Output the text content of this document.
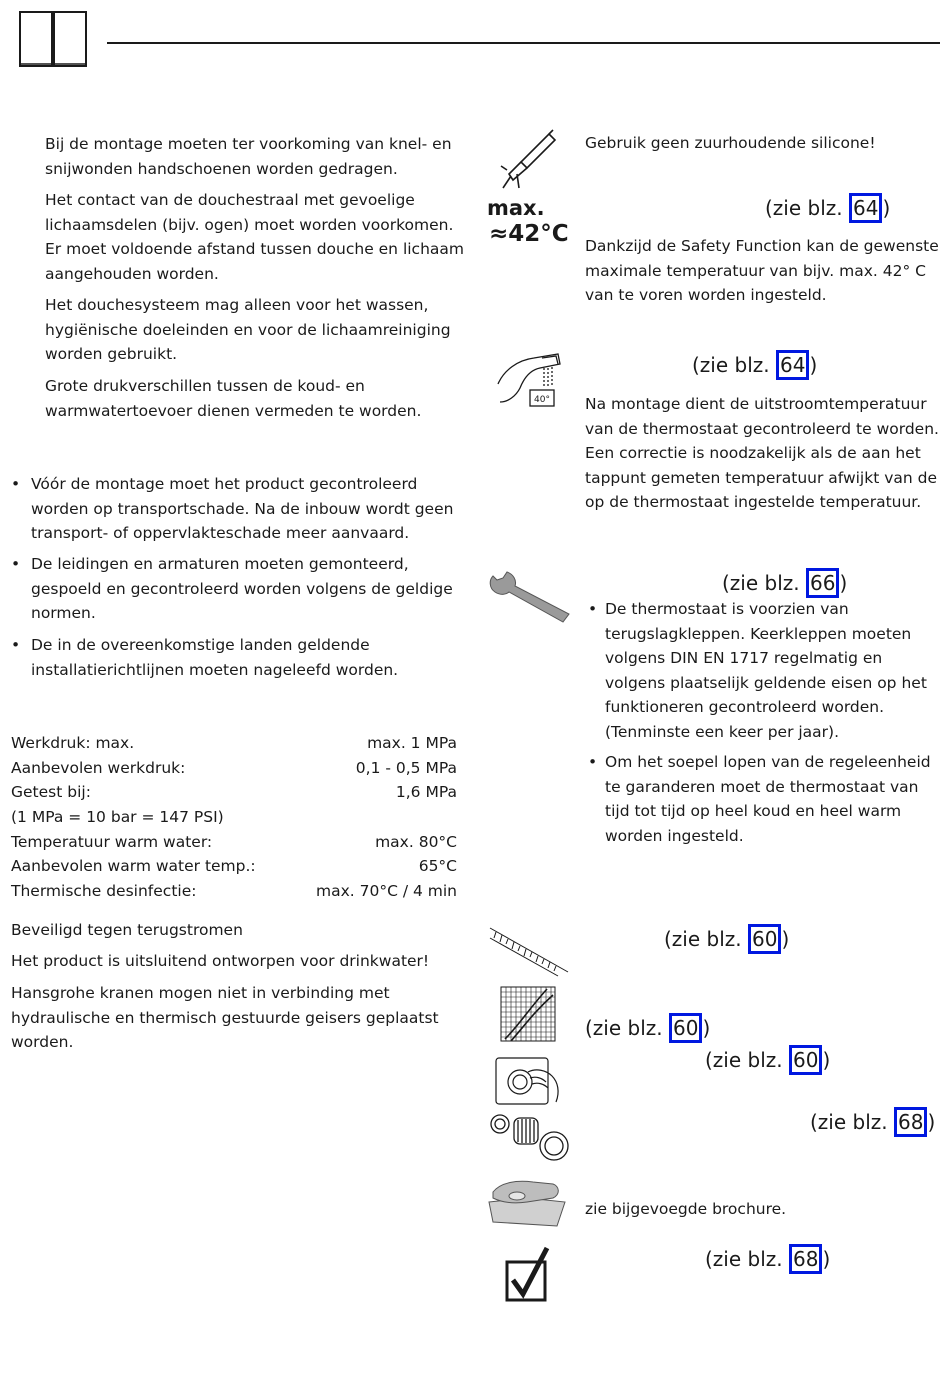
Bij de montage moeten ter voorkoming van knel- en snijwonden handschoenen worden gedragen.
Het contact van de douchestraal met gevoelige lichaamsdelen (bijv. ogen) moet worden voorkomen. Er moet voldoende afstand tussen douche en lichaam aangehouden worden.
Het douchesysteem mag alleen voor het wassen, hygiënische doeleinden en voor de lichaamreiniging worden gebruikt.
Grote drukverschillen tussen de koud- en warmwatertoevoer dienen vermeden te worden.
• Vóór de montage moet het product gecontroleerd worden op transportschade. Na de inbouw wordt geen transport- of oppervlakteschade meer aanvaard.
• De leidingen en armaturen moeten gemonteerd, gespoeld en gecontroleerd worden volgens de geldige normen.
• De in de overeenkomstige landen geldende installatierichtlijnen moeten nageleefd worden.
Werkdruk: max.	max. 1 MPa
Aanbevolen werkdruk:	0,1 - 0,5 MPa
Getest bij:	1,6 MPa
(1 MPa = 10 bar = 147 PSI)
Temperatuur warm water:	max. 80°C
Aanbevolen warm water temp.:	65°C
Thermische desinfectie:	max. 70°C / 4 min
Beveiligd tegen terugstromen
Het product is uitsluitend ontworpen voor drinkwater!
Hansgrohe kranen mogen niet in verbinding met hydraulische en thermisch gestuurde geisers geplaatst worden.
Gebruik geen zuurhoudende silicone!
max.
≈42°C
(zie blz. 64 )
Dankzijd de Safety Function kan de gewenste maximale temperatuur van bijv. max. 42° C van te voren worden ingesteld.
40°
(zie blz. 64 )
Na montage dient de uitstroomtemperatuur van de thermostaat gecontroleerd te worden. Een correctie is noodzakelijk als de aan het tappunt gemeten temperatuur afwijkt van de op de thermostaat ingestelde temperatuur.
(zie blz. 66 )
• De thermostaat is voorzien van terugslagkleppen. Keerkleppen moeten volgens DIN EN 1717 regelmatig en volgens plaatselijk geldende eisen op het funktioneren gecontroleerd worden. (Tenminste een keer per jaar).
• Om het soepel lopen van de regeleenheid te garanderen moet de thermostaat van tijd tot tijd op heel koud en heel warm worden ingesteld.
(zie blz. 60 )
(zie blz. 60 )
(zie blz. 60 )
(zie blz. 68 )
zie bijgevoegde brochure.
(zie blz. 68 )
